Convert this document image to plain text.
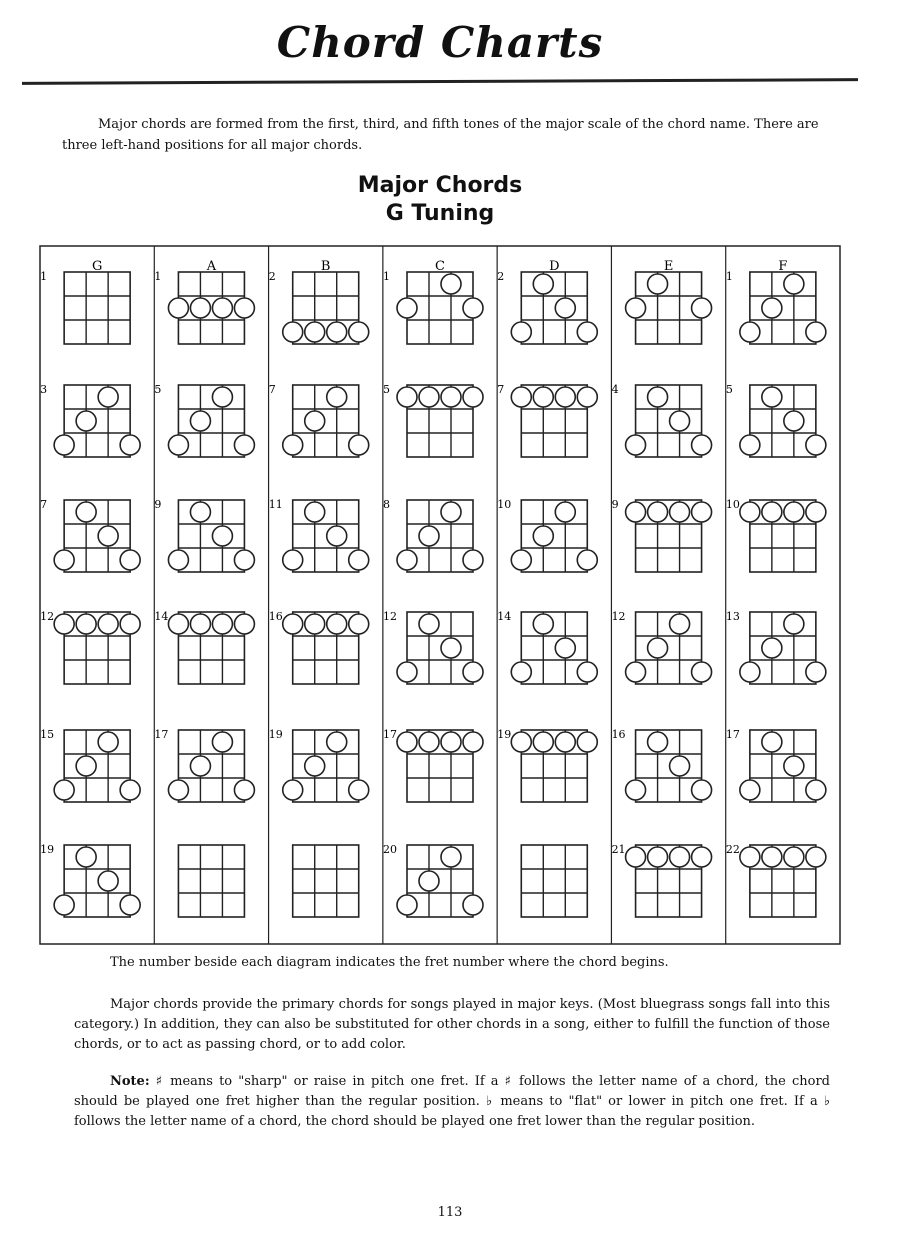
Chord Charts

Major chords are formed from the first, third, and fifth tones of the major scale of the chord name. There are three left-hand positions for all major chords.

Major Chords
G Tuning
G
1
3
7
12
15
19
A
1
5
9
14
17
B
2
7
11
16
19
C
1
5
8
12
17
20
D
2
7
10
14
19
E
4
9
12
16
21
F
1
5
10
13
17
22

The number beside each diagram indicates the fret number where the chord begins.

Major chords provide the primary chords for songs played in major keys. (Most bluegrass songs fall into this category.) In addition, they can also be substituted for other chords in a song, either to fulfill the function of those chords, or to act as passing chord, or to add color.

Note: ♯ means to "sharp" or raise in pitch one fret. If a ♯ follows the letter name of a chord, the chord should be played one fret higher than the regular position. ♭ means to "flat" or lower in pitch one fret. If a ♭ follows the letter name of a chord, the chord should be played one fret lower than the regular position.

113
